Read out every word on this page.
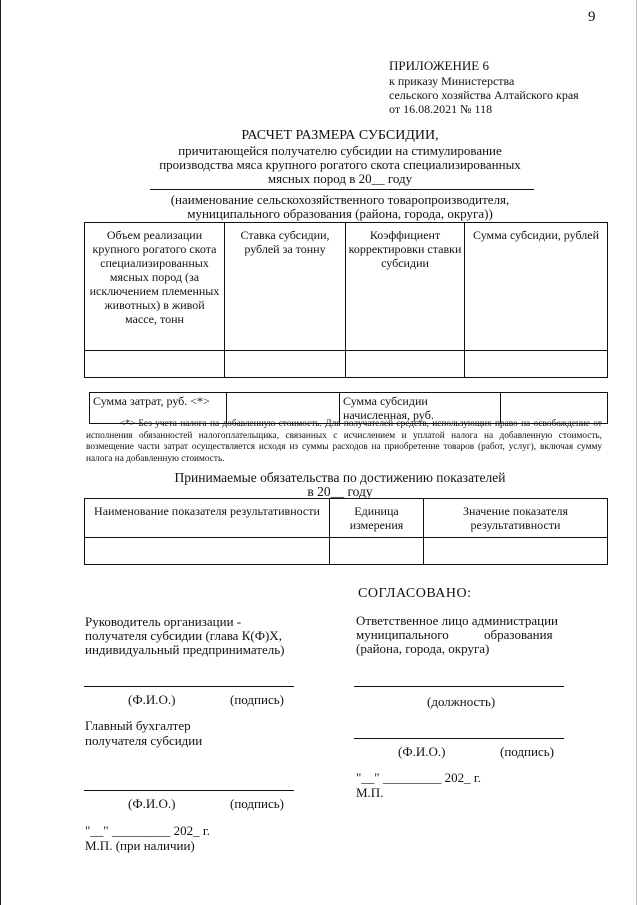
9
ПРИЛОЖЕНИЕ 6
к приказу Министерства
сельского хозяйства Алтайского края
от 16.08.2021 № 118
РАСЧЕТ РАЗМЕРА СУБСИДИИ,
причитающейся получателю субсидии на стимулирование
производства мяса крупного рогатого скота специализированных
мясных пород в 20__ году
(наименование сельскохозяйственного товаропроизводителя,
муниципального образования (района, города, округа))
Объем реализации крупного рогатого скота специализированных мясных пород (за исключением племенных животных) в живой массе, тонн	Ставка субсидии, рублей за тонну	Коэффициент корректировки ставки субсидии	Сумма субсидии, рублей

Сумма затрат, руб. <*>		Сумма субсидии начисленная, руб.	
<*> Без учета налога на добавленную стоимость. Для получателей средств, использующих право на освобождение от исполнения обязанностей налогоплательщика, связанных с исчислением и уплатой налога на добавленную стоимость, возмещение части затрат осуществляется исходя из суммы расходов на приобретение товаров (работ, услуг), включая сумму налога на добавленную стоимость.
Принимаемые обязательства по достижению показателей
в 20__ году
Наименование показателя результативности	Единица измерения	Значение показателя результативности

СОГЛАСОВАНО:
Руководитель организации -
получателя субсидии (глава К(Ф)Х,
индивидуальный предприниматель)
(Ф.И.О.)	(подпись)
Главный бухгалтер
получателя субсидии
(Ф.И.О.)	(подпись)
"__" _________ 202_ г.
М.П. (при наличии)
Ответственное лицо администрации
муниципального	образования
(района, города, округа)
(должность)
(Ф.И.О.)	(подпись)
"__" _________ 202_ г.
М.П.
